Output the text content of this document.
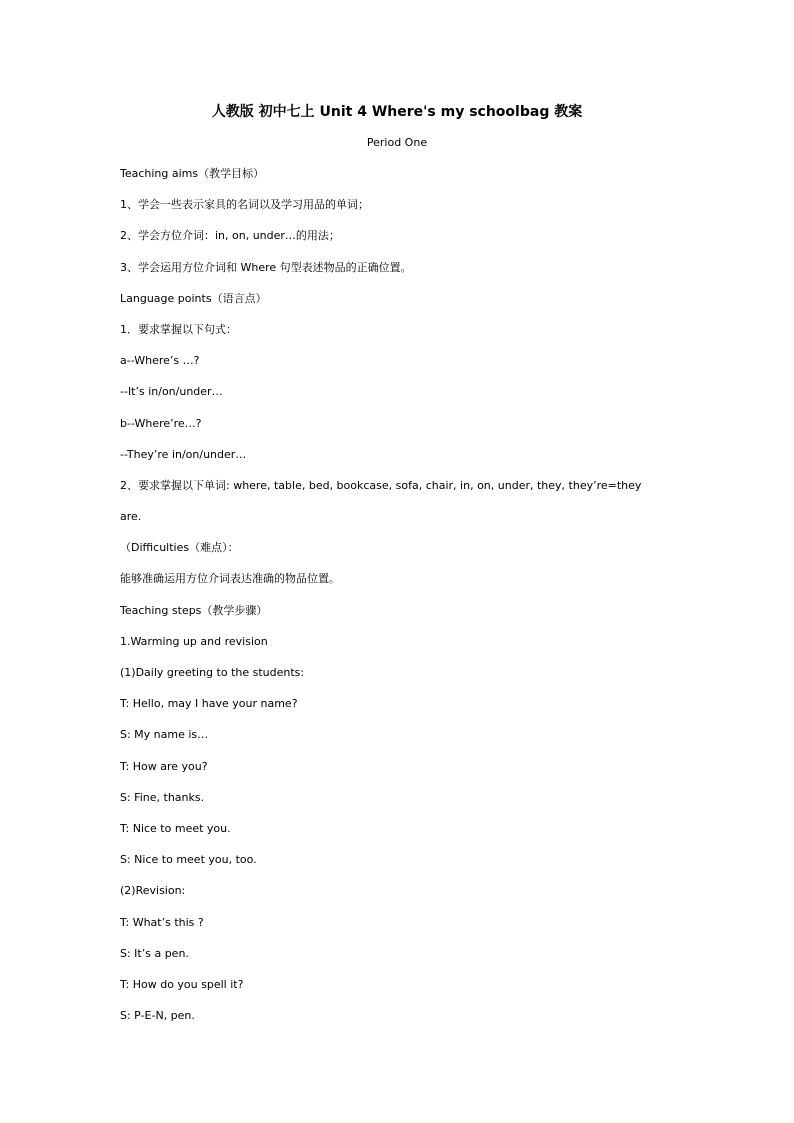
人教版 初中七上 Unit 4 Where's my schoolbag 教案
Period One
Teaching aims（教学目标）
1、学会一些表示家具的名词以及学习用品的单词；
2、学会方位介词：in, on, under…的用法；
3、学会运用方位介词和 Where 句型表述物品的正确位置。
Language points（语言点）
1．要求掌握以下句式：
a--Where’s …?
--It’s in/on/under…
b--Where’re…?
--They’re in/on/under…
2、要求掌握以下单词: where, table, bed, bookcase, sofa, chair, in, on, under, they, they’re=they
are.
（Difficulties（难点）：
能够准确运用方位介词表达准确的物品位置。
Teaching steps（教学步骤）
1.Warming up and revision
(1)Daily greeting to the students:
T: Hello, may I have your name?
S: My name is…
T: How are you?
S: Fine, thanks.
T: Nice to meet you.
S: Nice to meet you, too.
(2)Revision:
T: What’s this ?
S: It’s a pen.
T: How do you spell it?
S: P-E-N, pen.
